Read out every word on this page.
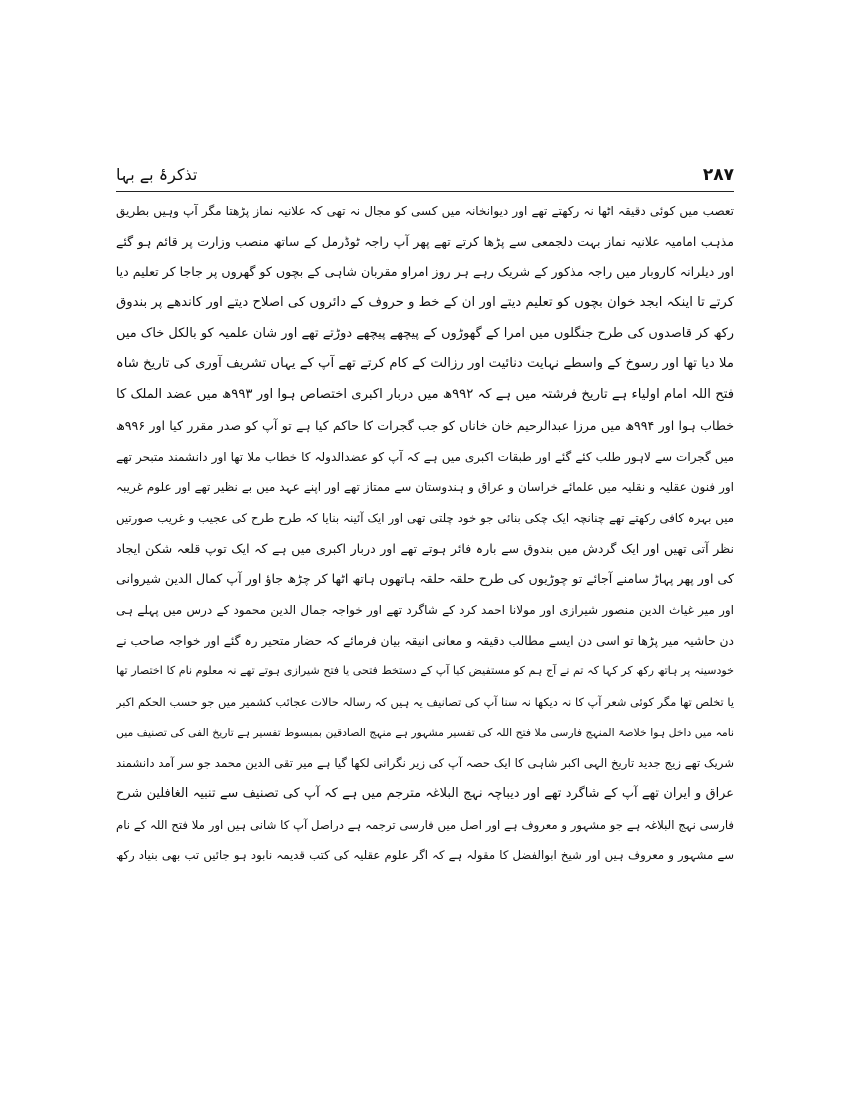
تذکرۂ بے بہا	۲۸۷
تعصب میں کوئی دقیقہ اٹھا نہ رکھتے تھے اور دیوانخانہ میں کسی کو مجال نہ تھی کہ علانیہ نماز پڑھتا مگر آپ وہیں بطریق
مذہب امامیہ علانیہ نماز بہت دلجمعی سے پڑھا کرتے تھے پھر آپ راجہ ٹوڈرمل کے ساتھ منصب وزارت پر قائم ہو گئے
اور دیلرانہ کاروبار میں راجہ مذکور کے شریک رہے ہر روز امراو مقربان شاہی کے بچوں کو گھروں پر جاجا کر تعلیم دیا
کرتے تا اینکہ ابجد خوان بچوں کو تعلیم دیتے اور ان کے خط و حروف کے دائروں کی اصلاح دیتے اور کاندھے پر بندوق
رکھ کر قاصدوں کی طرح جنگلوں میں امرا کے گھوڑوں کے پیچھے پیچھے دوڑتے تھے اور شان علمیہ کو بالکل خاک میں
ملا دیا تھا اور رسوخ کے واسطے نہایت دنائیت اور رزالت کے کام کرتے تھے آپ کے یہاں تشریف آوری کی تاریخ شاہ
فتح اللہ امام اولیاء ہے تاریخ فرشتہ میں ہے کہ ۹۹۲ھ میں دربار اکبری اختصاص ہوا اور ۹۹۳ھ میں عضد الملک کا
خطاب ہوا اور ۹۹۴ھ میں مرزا عبدالرحیم خان خاناں کو جب گجرات کا حاکم کیا ہے تو آپ کو صدر مقرر کیا اور ۹۹۶ھ
میں گجرات سے لاہور طلب کئے گئے اور طبقات اکبری میں ہے کہ آپ کو عضدالدولہ کا خطاب ملا تھا اور دانشمند متبحر تھے
اور فنون عقلیہ و نقلیہ میں علمائے خراسان و عراق و ہندوستان سے ممتاز تھے اور اپنے عہد میں بے نظیر تھے اور علوم غریبہ
میں بہرہ کافی رکھتے تھے چنانچہ ایک چکی بنائی جو خود چلتی تھی اور ایک آئینہ بنایا کہ طرح طرح کی عجیب و غریب صورتیں
نظر آتی تھیں اور ایک گردش میں بندوق سے بارہ فائر ہوتے تھے اور دربار اکبری میں ہے کہ ایک توپ قلعہ شکن ایجاد
کی اور پھر پہاڑ سامنے آجائے تو چوڑیوں کی طرح حلقہ حلقہ ہاتھوں ہاتھ اٹھا کر چڑھ جاؤ اور آپ کمال الدین شیروانی
اور میر غیاث الدین منصور شیرازی اور مولانا احمد کرد کے شاگرد تھے اور خواجہ جمال الدین محمود کے درس میں پہلے ہی
دن حاشیہ میر پڑھا تو اسی دن ایسے مطالب دقیقہ و معانی انیقہ بیان فرمائے کہ حضار متحیر رہ گئے اور خواجہ صاحب نے
خودسینہ پر ہاتھ رکھ کر کہا کہ تم نے آج ہم کو مستفیض کیا آپ کے دستخط فتحی یا فتح شیرازی ہوتے تھے نہ معلوم نام کا اختصار تھا
یا تخلص تھا مگر کوئی شعر آپ کا نہ دیکھا نہ سنا آپ کی تصانیف یہ ہیں کہ رسالہ حالات عجائب کشمیر میں جو حسب الحکم اکبر
نامہ میں داخل ہوا خلاصۃ المنہج فارسی ملا فتح اللہ کی تفسیر مشہور ہے منہج الصادقین بمبسوط تفسیر ہے تاریخ الفی کی تصنیف میں
شریک تھے زیج جدید تاریخ الہی اکبر شاہی کا ایک حصہ آپ کی زیر نگرانی لکھا گیا ہے میر تقی الدین محمد جو سر آمد دانشمند
عراق و ایران تھے آپ کے شاگرد تھے اور دیباچہ نہج البلاغہ مترجم میں ہے کہ آپ کی تصنیف سے تنبیہ الغافلین شرح
فارسی نہج البلاغہ ہے جو مشہور و معروف ہے اور اصل میں فارسی ترجمہ ہے دراصل آپ کا شانی ہیں اور ملا فتح اللہ کے نام
سے مشہور و معروف ہیں اور شیخ ابوالفضل کا مقولہ ہے کہ اگر علوم عقلیہ کی کتب قدیمہ نابود ہو جائیں تب بھی بنیاد رکھ
